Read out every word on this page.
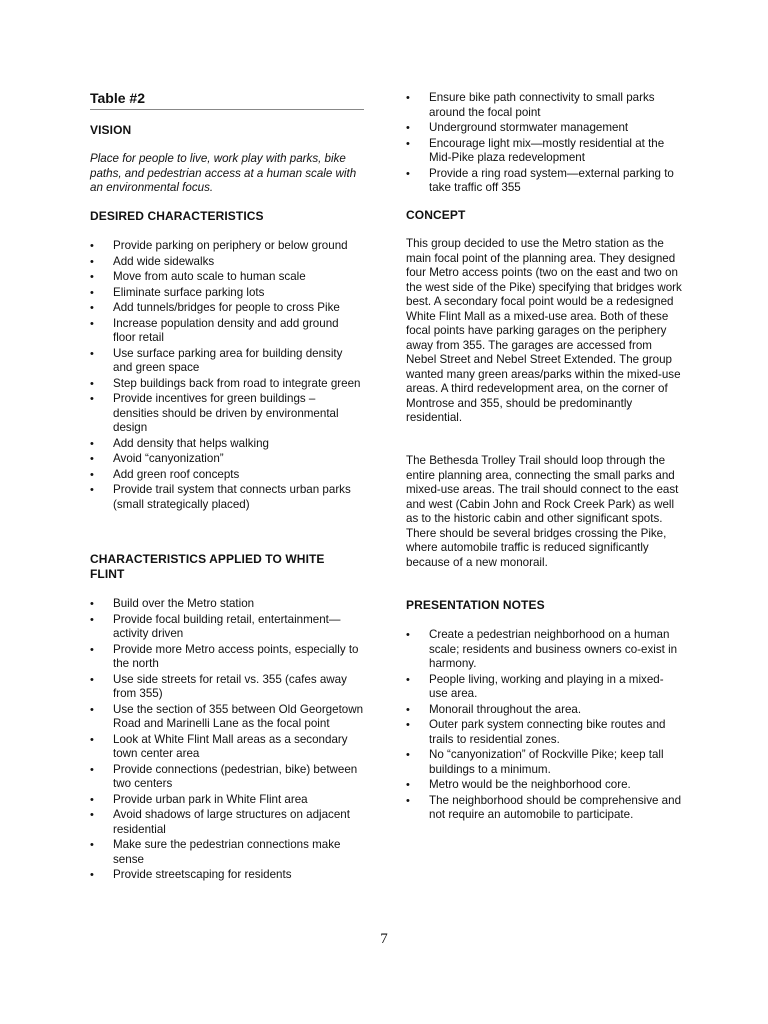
Table #2
VISION
Place for people to live, work play with parks, bike paths, and pedestrian access at a human scale with an environmental focus.
DESIRED CHARACTERISTICS
• Provide parking on periphery or below ground
• Add wide sidewalks
• Move from auto scale to human scale
• Eliminate surface parking lots
• Add tunnels/bridges for people to cross Pike
• Increase population density and add ground floor retail
• Use surface parking area for building density and green space
• Step buildings back from road to integrate green
• Provide incentives for green buildings – densities should be driven by environmental design
• Add density that helps walking
• Avoid “canyonization”
• Add green roof concepts
• Provide trail system that connects urban parks (small strategically placed)
CHARACTERISTICS APPLIED TO WHITE FLINT
• Build over the Metro station
• Provide focal building retail, entertainment—activity driven
• Provide more Metro access points, especially to the north
• Use side streets for retail vs. 355 (cafes away from 355)
• Use the section of 355 between Old Georgetown Road and Marinelli Lane as the focal point
• Look at White Flint Mall areas as a secondary town center area
• Provide connections (pedestrian, bike) between two centers
• Provide urban park in White Flint area
• Avoid shadows of large structures on adjacent residential
• Make sure the pedestrian connections make sense
• Provide streetscaping for residents
• Ensure bike path connectivity to small parks around the focal point
• Underground stormwater management
• Encourage light mix—mostly residential at the Mid-Pike plaza redevelopment
• Provide a ring road system—external parking to take traffic off 355
CONCEPT
This group decided to use the Metro station as the main focal point of the planning area. They designed four Metro access points (two on the east and two on the west side of the Pike) specifying that bridges work best. A secondary focal point would be a redesigned White Flint Mall as a mixed-use area. Both of these focal points have parking garages on the periphery away from 355. The garages are accessed from Nebel Street and Nebel Street Extended. The group wanted many green areas/parks within the mixed-use areas. A third redevelopment area, on the corner of Montrose and 355, should be predominantly residential.
The Bethesda Trolley Trail should loop through the entire planning area, connecting the small parks and mixed-use areas. The trail should connect to the east and west (Cabin John and Rock Creek Park) as well as to the historic cabin and other significant spots. There should be several bridges crossing the Pike, where automobile traffic is reduced significantly because of a new monorail.
PRESENTATION NOTES
• Create a pedestrian neighborhood on a human scale; residents and business owners co-exist in harmony.
• People living, working and playing in a mixed-use area.
• Monorail throughout the area.
• Outer park system connecting bike routes and trails to residential zones.
• No “canyonization” of Rockville Pike; keep tall buildings to a minimum.
• Metro would be the neighborhood core.
• The neighborhood should be comprehensive and not require an automobile to participate.
7
